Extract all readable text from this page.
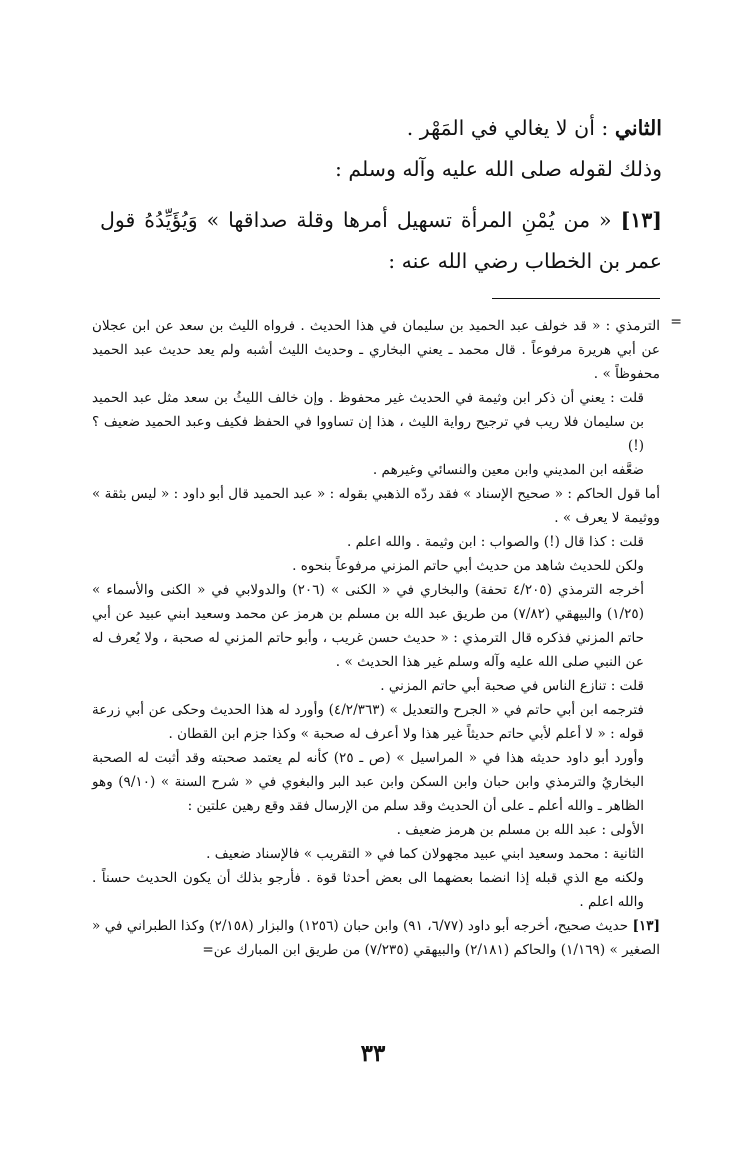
الثاني : أن لا يغالي في المَهْر .

وذلك لقوله صلى الله عليه وآله وسلم :

[١٣] « من يُمْنِ المرأة تسهيل أمرها وقلة صداقها » وَيُؤَيِّدُهُ قول عمر بن الخطاب رضي الله عنه :

=

الترمذي : « قد خولف عبد الحميد بن سليمان في هذا الحديث . فرواه الليث بن سعد عن ابن عجلان عن أبي هريرة مرفوعاً . قال محمد ـ يعني البخاري ـ وحديث الليث أشبه ولم يعد حديث عبد الحميد محفوظاً » .

قلت : يعني أن ذكر ابن وثيمة في الحديث غير محفوظ . وإن خالف الليثُ بن سعد مثل عبد الحميد بن سليمان فلا ريب في ترجيح رواية الليث ، هذا إن تساووا في الحفظ فكيف وعبد الحميد ضعيف ؟ (!)

ضعَّفه ابن المديني وابن معين والنسائي وغيرهم .

أما قول الحاكم : « صحيح الإسناد » فقد ردّه الذهبي بقوله : « عبد الحميد قال أبو داود : « ليس بثقة » ووثيمة لا يعرف » .

قلت : كذا قال (!) والصواب : ابن وثيمة . والله اعلم .

ولكن للحديث شاهد من حديث أبي حاتم المزني مرفوعاً بنحوه .

أخرجه الترمذي (٤/٢٠٥ تحفة) والبخاري في « الكنى » (٢٠٦) والدولابي في « الكنى والأسماء » (١/٢٥) والبيهقي (٧/٨٢) من طريق عبد الله بن مسلم بن هرمز عن محمد وسعيد ابني عبيد عن أبي حاتم المزني فذكره قال الترمذي : « حديث حسن غريب ، وأبو حاتم المزني له صحبة ، ولا يُعرف له عن النبي صلى الله عليه وآله وسلم غير هذا الحديث » .

قلت : تنازع الناس في صحبة أبي حاتم المزني .

فترجمه ابن أبي حاتم في « الجرح والتعديل » (٤/٢/٣٦٣) وأورد له هذا الحديث وحكى عن أبي زرعة قوله : « لا أعلم لأبي حاتم حديثاً غير هذا ولا أعرف له صحبة » وكذا جزم ابن القطان .

وأورد أبو داود حديثه هذا في « المراسيل » (ص ـ ٢٥) كأنه لم يعتمد صحبته وقد أثبت له الصحبة البخاريُ والترمذي وابن حبان وابن السكن وابن عبد البر والبغوي في « شرح السنة » (٩/١٠) وهو الظاهر ـ والله أعلم ـ على أن الحديث وقد سلم من الإرسال فقد وقع رهين علتين :

الأولى : عبد الله بن مسلم بن هرمز ضعيف .

الثانية : محمد وسعيد ابني عبيد مجهولان كما في « التقريب » فالإسناد ضعيف .

ولكنه مع الذي قبله إذا انضما بعضهما الى بعض أحدثا قوة . فأرجو بذلك أن يكون الحديث حسناً . والله اعلم .

[١٣] حديث صحيح، أخرجه أبو داود (٦/٧٧، ٩١) وابن حبان (١٢٥٦) والبزار (٢/١٥٨) وكذا الطبراني في « الصغير » (١/١٦٩) والحاكم (٢/١٨١) والبيهقي (٧/٢٣٥) من طريق ابن المبارك عن=

٣٣
